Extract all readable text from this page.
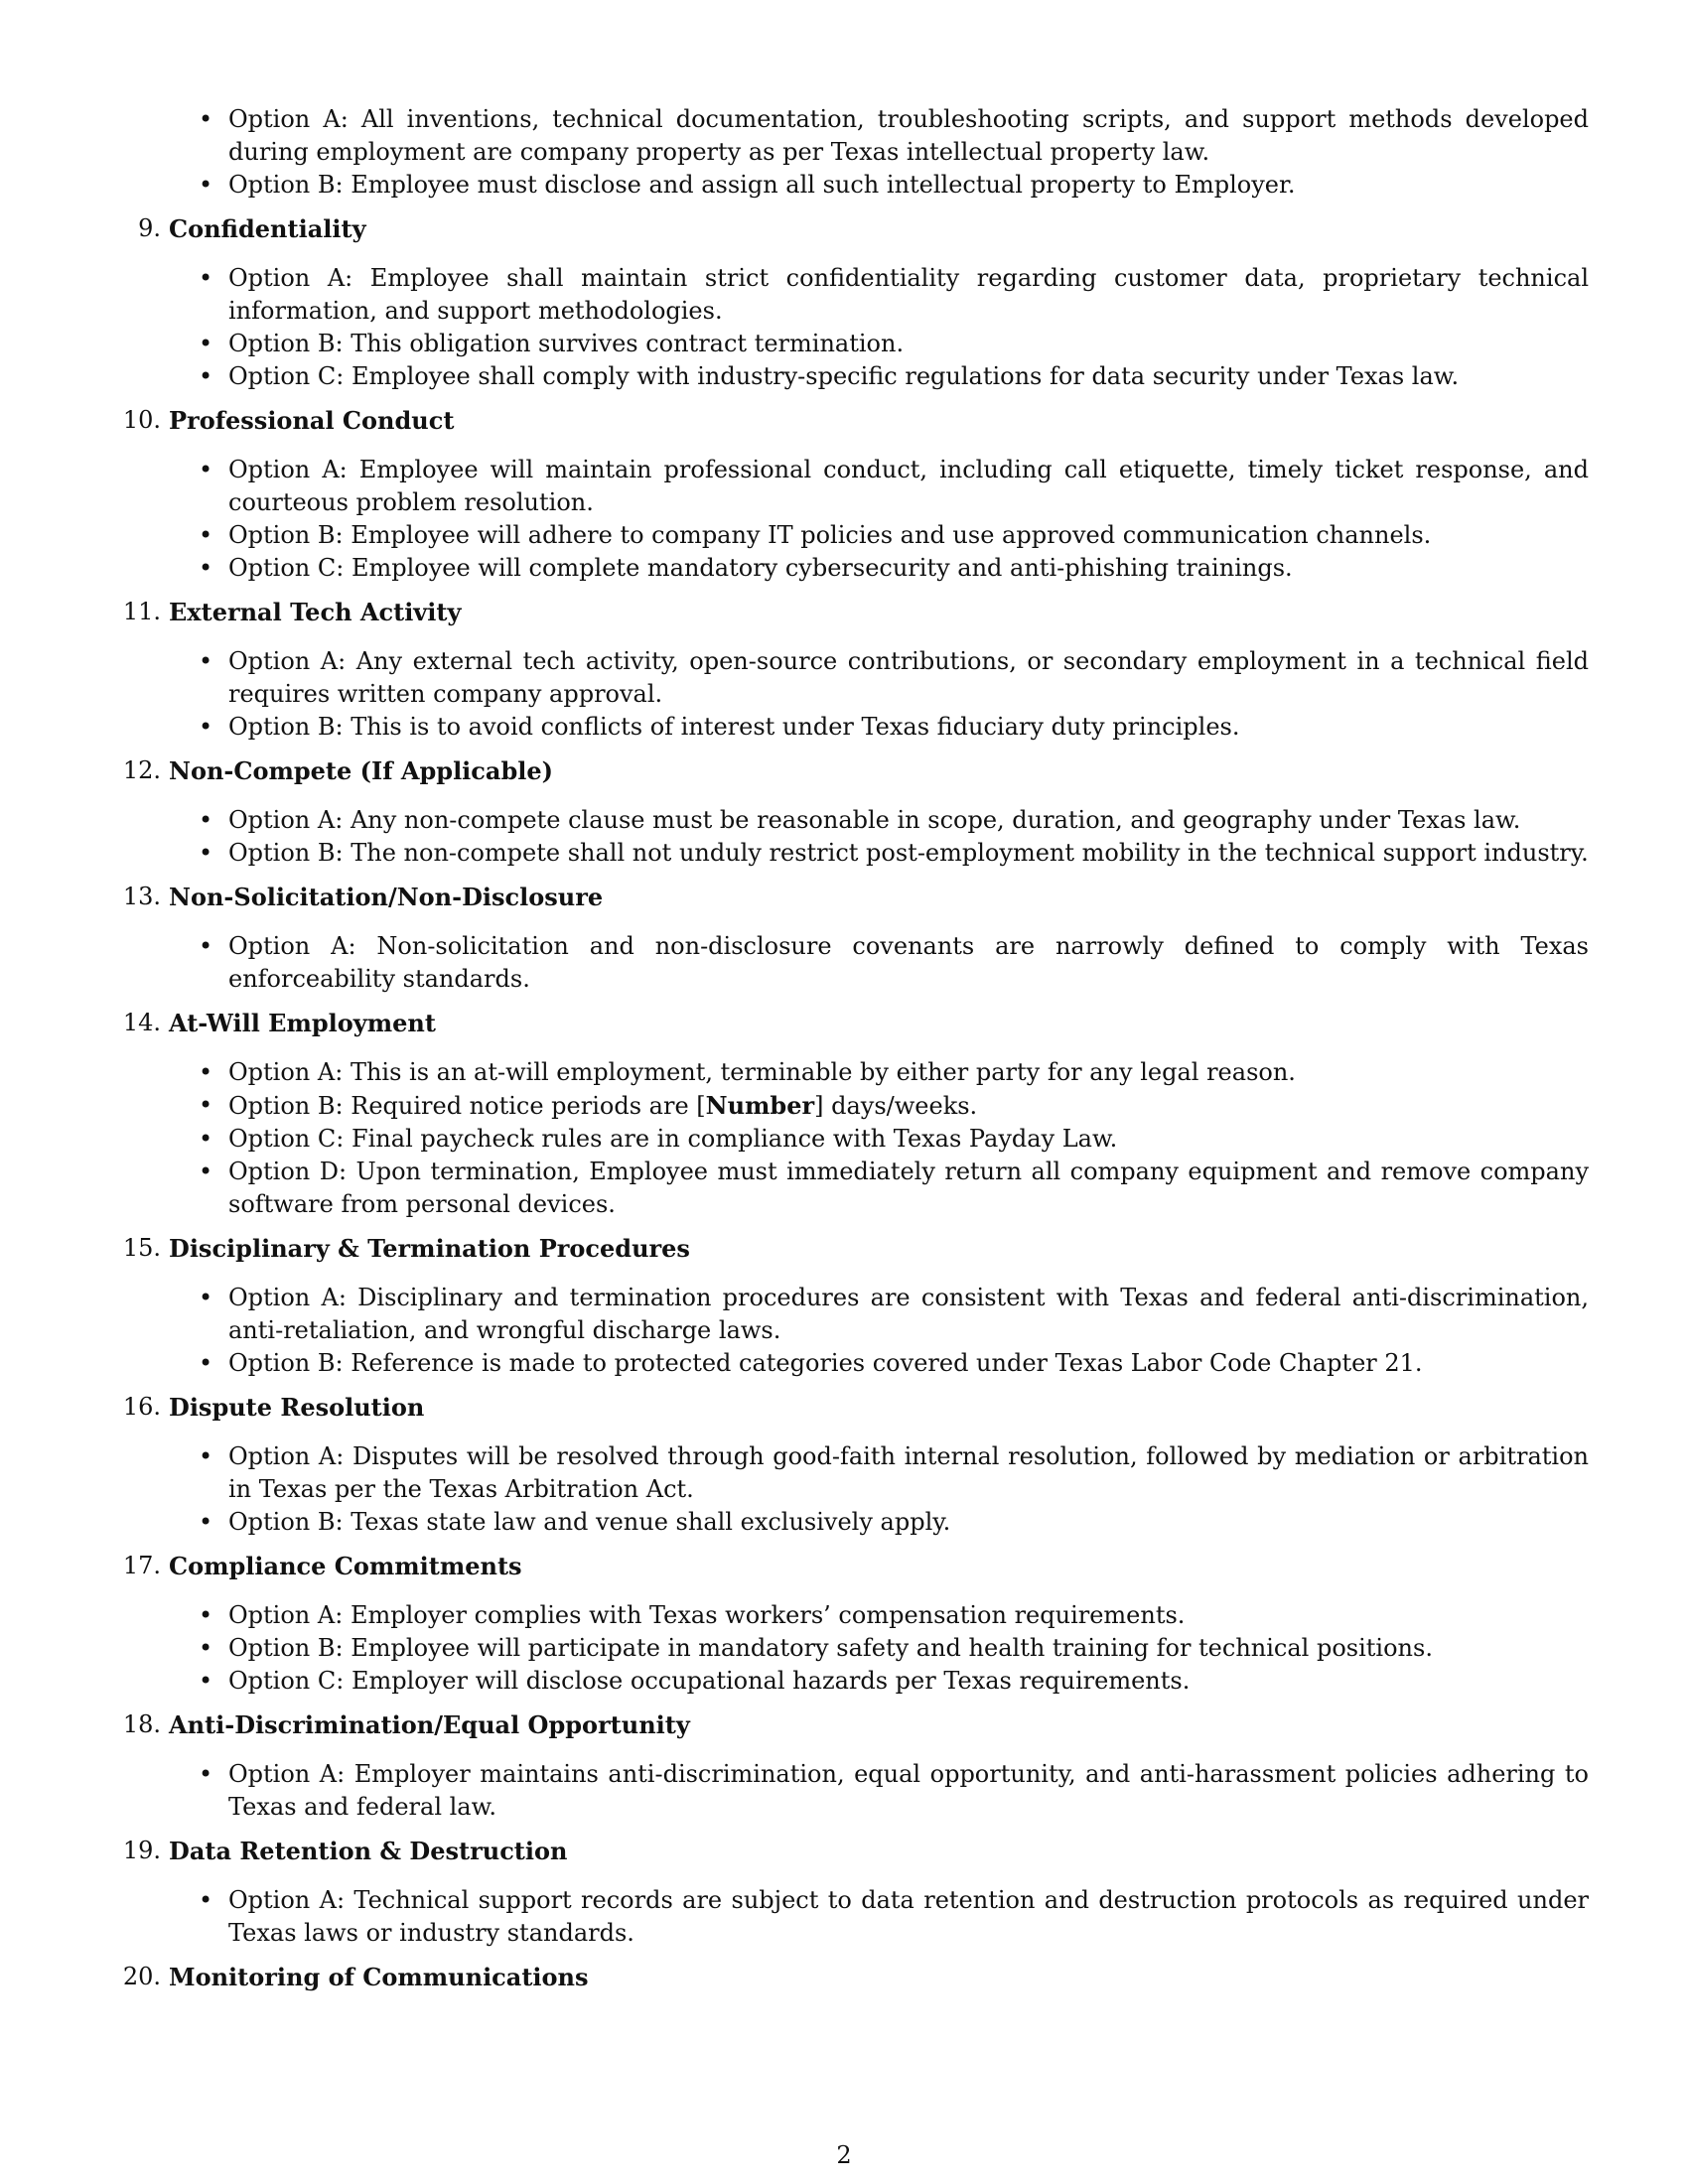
• Option A: All inventions, technical documentation, troubleshooting scripts, and support methods developed during employment are company property as per Texas intellectual property law.
• Option B: Employee must disclose and assign all such intellectual property to Employer.
9. Confidentiality
• Option A: Employee shall maintain strict confidentiality regarding customer data, proprietary technical information, and support methodologies.
• Option B: This obligation survives contract termination.
• Option C: Employee shall comply with industry-specific regulations for data security under Texas law.
10. Professional Conduct
• Option A: Employee will maintain professional conduct, including call etiquette, timely ticket response, and courteous problem resolution.
• Option B: Employee will adhere to company IT policies and use approved communication channels.
• Option C: Employee will complete mandatory cybersecurity and anti-phishing trainings.
11. External Tech Activity
• Option A: Any external tech activity, open-source contributions, or secondary employment in a technical field requires written company approval.
• Option B: This is to avoid conflicts of interest under Texas fiduciary duty principles.
12. Non-Compete (If Applicable)
• Option A: Any non-compete clause must be reasonable in scope, duration, and geography under Texas law.
• Option B: The non-compete shall not unduly restrict post-employment mobility in the technical support industry.
13. Non-Solicitation/Non-Disclosure
• Option A: Non-solicitation and non-disclosure covenants are narrowly defined to comply with Texas enforceability standards.
14. At-Will Employment
• Option A: This is an at-will employment, terminable by either party for any legal reason.
• Option B: Required notice periods are [Number] days/weeks.
• Option C: Final paycheck rules are in compliance with Texas Payday Law.
• Option D: Upon termination, Employee must immediately return all company equipment and remove company software from personal devices.
15. Disciplinary & Termination Procedures
• Option A: Disciplinary and termination procedures are consistent with Texas and federal anti-discrimination, anti-retaliation, and wrongful discharge laws.
• Option B: Reference is made to protected categories covered under Texas Labor Code Chapter 21.
16. Dispute Resolution
• Option A: Disputes will be resolved through good-faith internal resolution, followed by mediation or arbitration in Texas per the Texas Arbitration Act.
• Option B: Texas state law and venue shall exclusively apply.
17. Compliance Commitments
• Option A: Employer complies with Texas workers’ compensation requirements.
• Option B: Employee will participate in mandatory safety and health training for technical positions.
• Option C: Employer will disclose occupational hazards per Texas requirements.
18. Anti-Discrimination/Equal Opportunity
• Option A: Employer maintains anti-discrimination, equal opportunity, and anti-harassment policies adhering to Texas and federal law.
19. Data Retention & Destruction
• Option A: Technical support records are subject to data retention and destruction protocols as required under Texas laws or industry standards.
20. Monitoring of Communications
2
